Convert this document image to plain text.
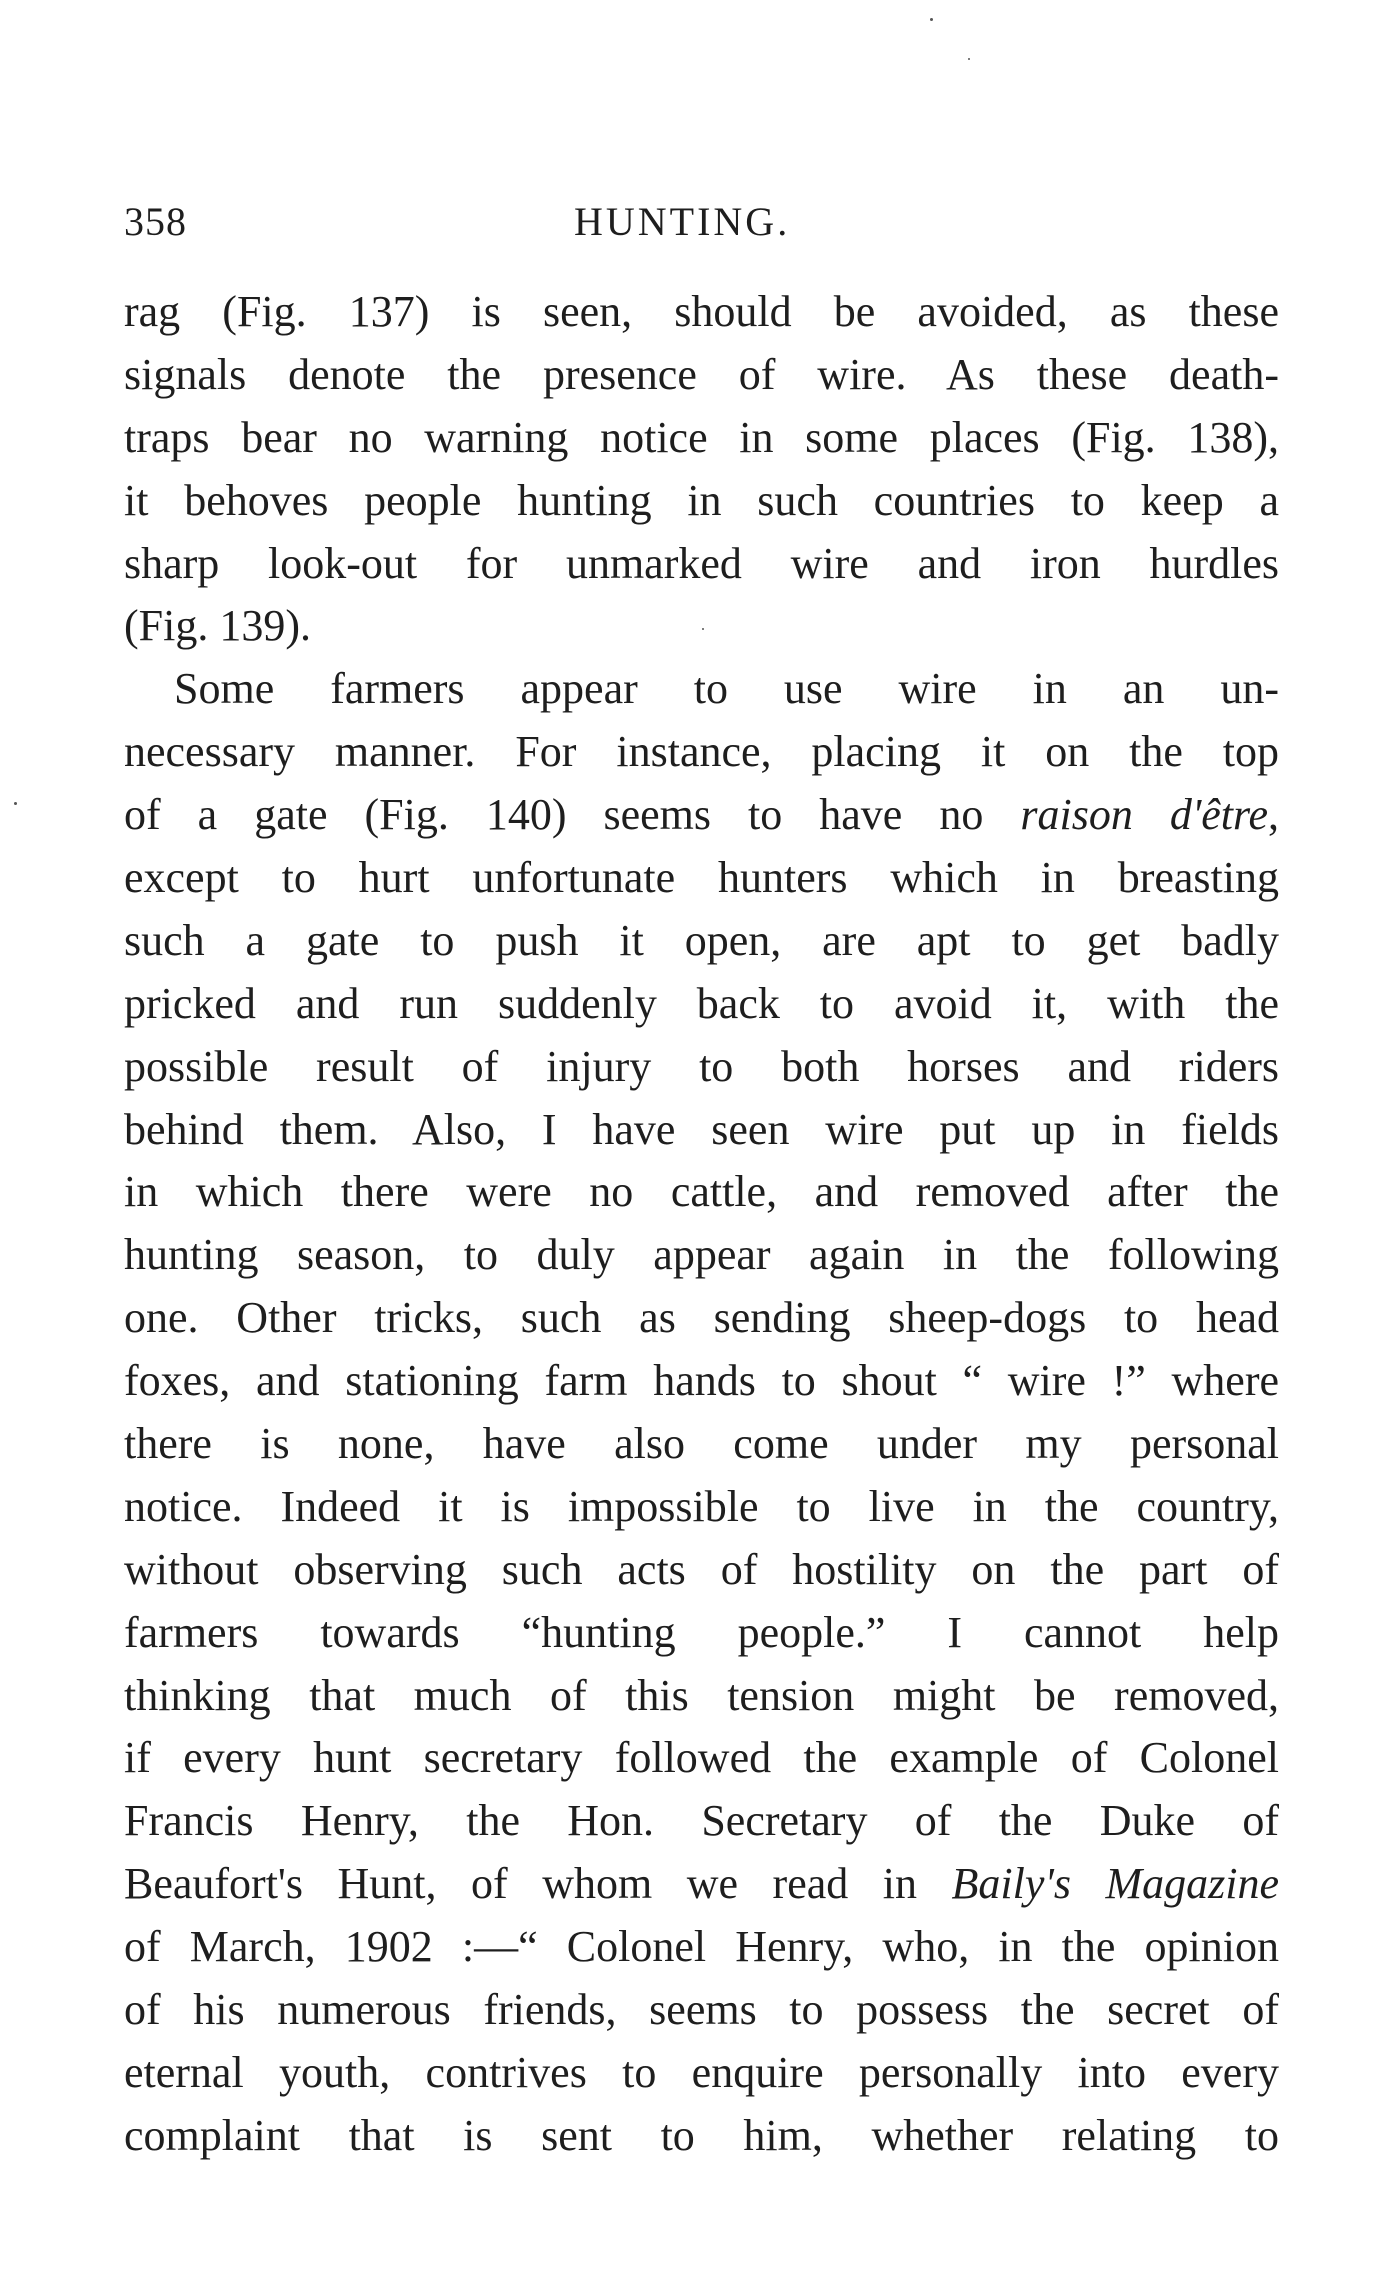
358	HUNTING.
rag (Fig. 137) is seen, should be avoided, as these
signals denote the presence of wire. As these death-
traps bear no warning notice in some places (Fig. 138),
it behoves people hunting in such countries to keep a
sharp look-out for unmarked wire and iron hurdles
(Fig. 139).
Some farmers appear to use wire in an un-
necessary manner. For instance, placing it on the top
of a gate (Fig. 140) seems to have no raison d'être,
except to hurt unfortunate hunters which in breasting
such a gate to push it open, are apt to get badly
pricked and run suddenly back to avoid it, with the
possible result of injury to both horses and riders
behind them. Also, I have seen wire put up in fields
in which there were no cattle, and removed after the
hunting season, to duly appear again in the following
one. Other tricks, such as sending sheep-dogs to head
foxes, and stationing farm hands to shout “ wire !” where
there is none, have also come under my personal
notice. Indeed it is impossible to live in the country,
without observing such acts of hostility on the part of
farmers towards “hunting people.” I cannot help
thinking that much of this tension might be removed,
if every hunt secretary followed the example of Colonel
Francis Henry, the Hon. Secretary of the Duke of
Beaufort's Hunt, of whom we read in Baily's Magazine
of March, 1902 :—“ Colonel Henry, who, in the opinion
of his numerous friends, seems to possess the secret of
eternal youth, contrives to enquire personally into every
complaint that is sent to him, whether relating to
